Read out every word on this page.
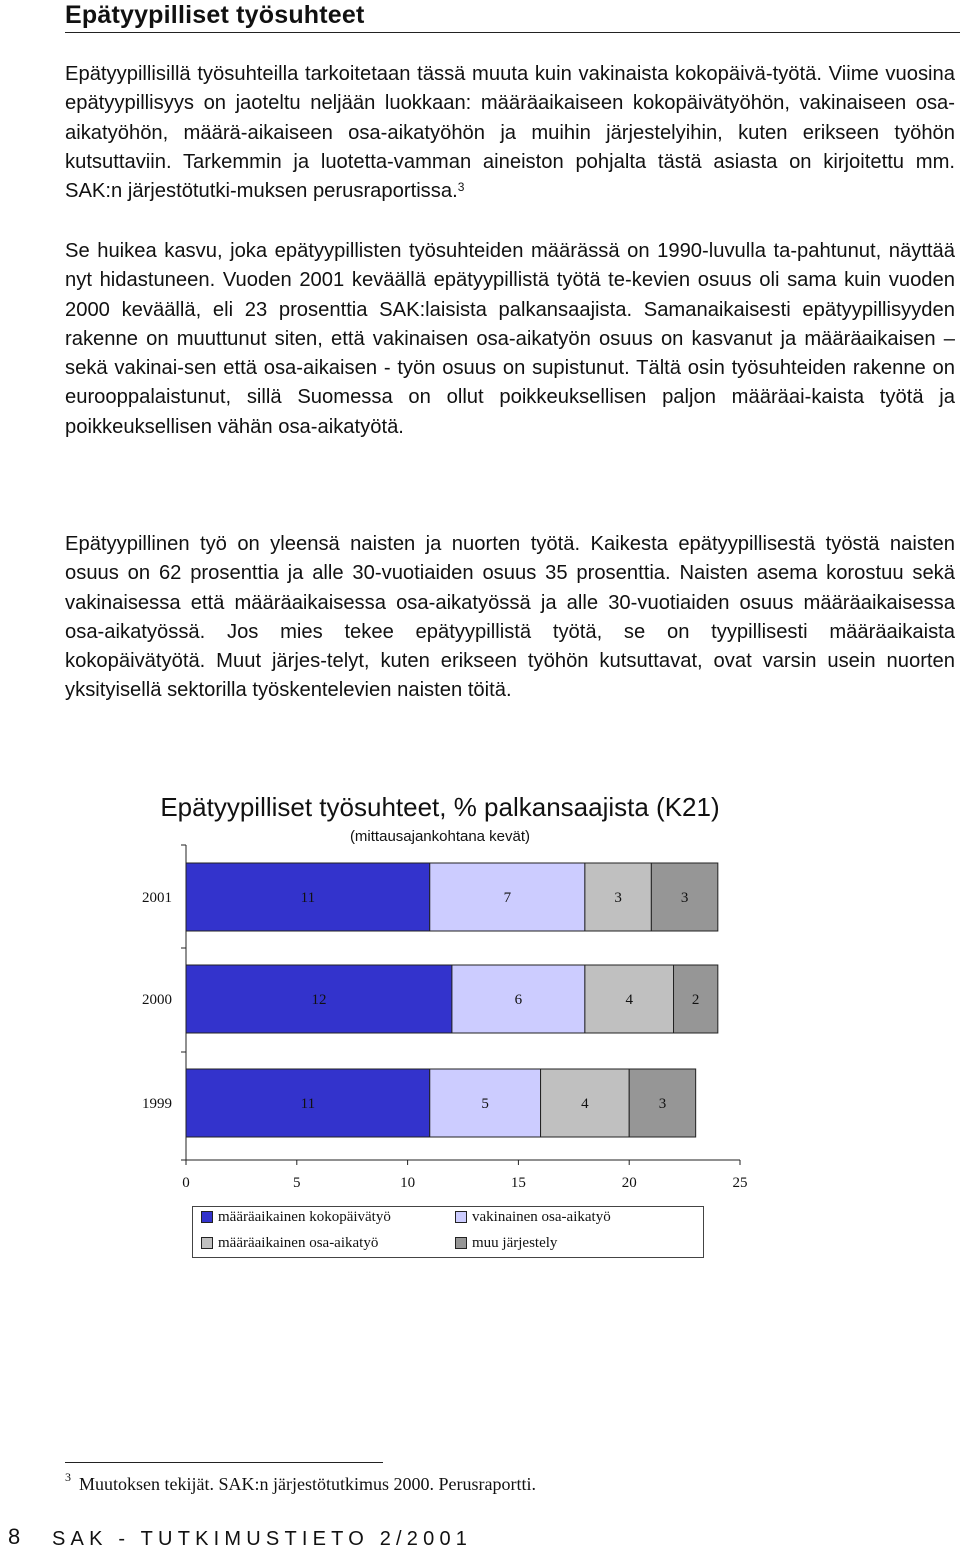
Epätyypilliset työsuhteet

Epätyypillisillä työsuhteilla tarkoitetaan tässä muuta kuin vakinaista kokopäivä-työtä. Viime vuosina epätyypillisyys on jaoteltu neljään luokkaan: määräaikaiseen kokopäivätyöhön, vakinaiseen osa-aikatyöhön, määrä-aikaiseen osa-aikatyöhön ja muihin järjestelyihin, kuten erikseen työhön kutsuttaviin. Tarkemmin ja luotetta-vamman aineiston pohjalta tästä asiasta on kirjoitettu mm. SAK:n järjestötutki-muksen perusraportissa.$^3$

Se huikea kasvu, joka epätyypillisten työsuhteiden määrässä on 1990-luvulla ta-pahtunut, näyttää nyt hidastuneen. Vuoden 2001 keväällä epätyypillistä työtä te-kevien osuus oli sama kuin vuoden 2000 keväällä, eli 23 prosenttia SAK:laisista palkansaajista. Samanaikaisesti epätyypillisyyden rakenne on muuttunut siten, että vakinaisen osa-aikatyön osuus on kasvanut ja määräaikaisen –sekä vakinai-sen että osa-aikaisen - työn osuus on supistunut. Tältä osin työsuhteiden rakenne on eurooppalaistunut, sillä Suomessa on ollut poikkeuksellisen paljon määräai-kaista työtä ja poikkeuksellisen vähän osa-aikatyötä.

Epätyypillinen työ on yleensä naisten ja nuorten työtä. Kaikesta epätyypillisestä työstä naisten osuus on 62 prosenttia ja alle 30-vuotiaiden osuus 35 prosenttia. Naisten asema korostuu sekä vakinaisessa että määräaikaisessa osa-aikatyössä ja alle 30-vuotiaiden osuus määräaikaisessa osa-aikatyössä. Jos mies tekee epätyypillistä työtä, se on tyypillisesti määräaikaista kokopäivätyötä. Muut järjes-telyt, kuten erikseen työhön kutsuttavat, ovat varsin usein nuorten yksityisellä sektorilla työskentelevien naisten töitä.

Epätyypilliset työsuhteet, % palkansaajista (K21)
(mittausajankohtana kevät)
0	5	10	15	20	25
2001	11	7	3	3
2000	12	6	4	2
1999	11	5	4	3
määräaikainen kokopäivätyö	vakinainen osa-aikatyö
määräaikainen osa-aikatyö	muu järjestely
$^3$ Muutoksen tekijät. SAK:n järjestötutkimus 2000. Perusraportti.
8 SAK - TUTKIMUSTIETO 2/2001
